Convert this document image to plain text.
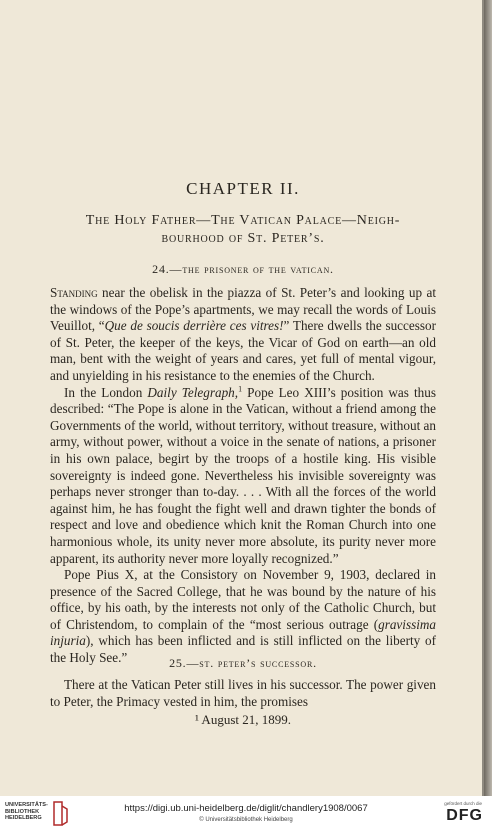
CHAPTER II.
The Holy Father—The Vatican Palace—Neigh-
bourhood of St. Peter’s.
24.—the prisoner of the vatican.

Standing near the obelisk in the piazza of St. Peter’s and looking up at the windows of the Pope’s apartments, we may recall the words of Louis Veuillot, “Que de soucis derrière ces vitres!” There dwells the successor of St. Peter, the keeper of the keys, the Vicar of God on earth—an old man, bent with the weight of years and cares, yet full of mental vigour, and unyielding in his resistance to the enemies of the Church.

In the London Daily Telegraph,$^1$ Pope Leo XIII’s position was thus described: “The Pope is alone in the Vatican, without a friend among the Governments of the world, without territory, without treasure, without an army, without power, without a voice in the senate of nations, a prisoner in his own palace, begirt by the troops of a hostile king. His visible sovereignty is indeed gone. Nevertheless his invisible sovereignty was perhaps never stronger than to-day. . . . With all the forces of the world against him, he has fought the fight well and drawn tighter the bonds of respect and love and obedience which knit the Roman Church into one harmonious whole, its unity never more absolute, its purity never more apparent, its authority never more loyally recognized.”

Pope Pius X, at the Consistory on November 9, 1903, declared in presence of the Sacred College, that he was bound by the nature of his office, by his oath, by the interests not only of the Catholic Church, but of Christendom, to complain of the “most serious outrage (gravissima injuria), which has been inflicted and is still inflicted on the liberty of the Holy See.”	25.—st. peter’s successor.

There at the Vatican Peter still lives in his successor. The power given to Peter, the Primacy vested in him, the promises

¹ August 21, 1899.
UNIVERSITÄTS-
BIBLIOTHEK
HEIDELBERG
https://digi.ub.uni-heidelberg.de/diglit/chandlery1908/0067
© Universitätsbibliothek Heidelberg
gefördert durch die
DFG
